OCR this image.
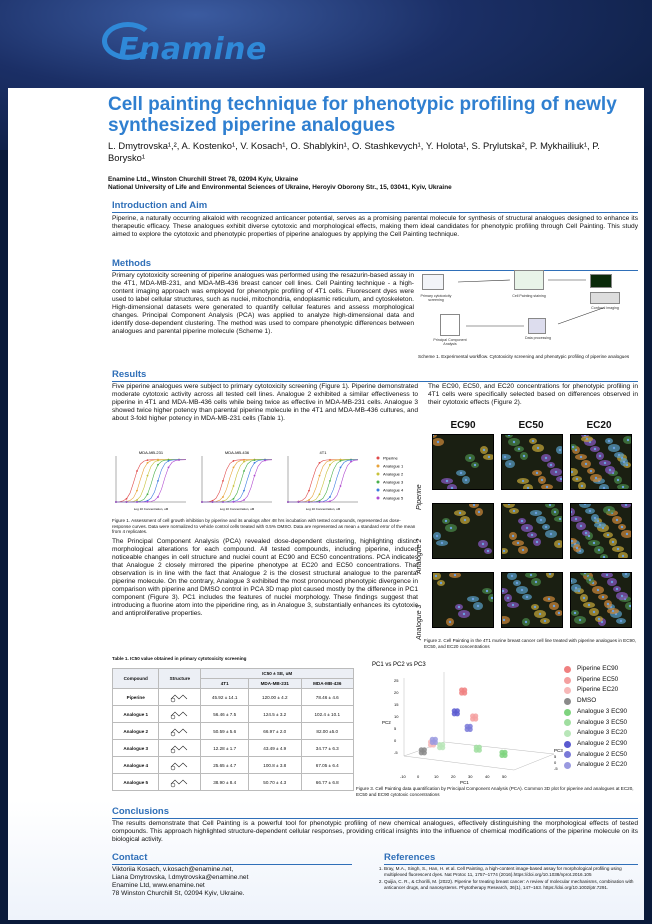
Enamine
Cell painting technique for phenotypic profiling of newly synthesized piperine analogues
L. Dmytrovska¹,², A. Kostenko¹, V. Kosach¹, O. Shablykin¹, O. Stashkevych¹, Y. Holota¹, S. Prylutska², P. Mykhailiuk¹, P. Borysko¹
Enamine Ltd., Winston Churchill Street 78, 02094 Kyiv, Ukraine
National University of Life and Environmental Sciences of Ukraine, Heroyiv Oborony Str., 15, 03041, Kyiv, Ukraine
Introduction and Aim
Piperine, a naturally occurring alkaloid with recognized anticancer potential, serves as a promising parental molecule for synthesis of structural analogues designed to enhance its therapeutic efficacy. These analogues exhibit diverse cytotoxic and morphological effects, making them ideal candidates for phenotypic profiling through Cell Painting. This study aimed to explore the cytotoxic and phenotypic properties of piperine analogues by applying the Cell Painting technique.
Methods
Primary cytotoxicity screening of piperine analogues was performed using the resazurin-based assay in the 4T1, MDA-MB-231, and MDA-MB-436 breast cancer cell lines. Cell Painting technique - a high-content imaging approach was employed for phenotypic profiling of 4T1 cells. Fluorescent dyes were used to label cellular structures, such as nuclei, mitochondria, endoplasmic reticulum, and cytoskeleton. High-dimensional datasets were generated to quantify cellular features and assess morphological changes. Principal Component Analysis (PCA) was applied to analyze high-dimensional data and identify dose-dependent clustering. The method was used to compare phenotypic differences between analogues and parental piperine molecule (Scheme 1).
Primary cytotoxicity screening
Cell Painting staining
Confocal imaging
Principal Component Analysis
Data processing
Scheme 1. Experimental workflow. Cytotoxicity screening and phenotypic profiling of piperine analogues
Results
Five piperine analogues were subject to primary cytotoxicity screening (Figure 1). Piperine demonstrated moderate cytotoxic activity across all tested cell lines. Analogue 2 exhibited a similar effectiveness to piperine in 4T1 and MDA-MB-436 cells while being twice as effective in MDA-MB-231 cells. Analogue 3 showed twice higher potency than parental piperine molecule in the 4T1 and MDA-MB-436 cultures, and about 3-fold higher potency in MDA-MB-231 cells (Table 1).
The EC90, EC50, and EC20 concentrations for phenotypic profiling in 4T1 cells were specifically selected based on differences observed in their cytotoxic effects (Figure 2).
MDA-MB-231
Log 10 Concentration, uM
MDA-MB-436
Log 10 Concentration, uM
4T1
Log 10 Concentration, uM
Piperine
Analogue 1
Analogue 2
Analogue 3
Analogue 4
Analogue 5
Figure 1. Assessment of cell growth inhibition by piperine and its analogs after 48 hrs incubation with tested compounds, represented as dose-response curves. Data were normalized to vehicle control cells treated with 0.5% DMSO. Data are represented as mean ± standard error of the mean from 4 replicates.
The Principal Component Analysis (PCA) revealed dose-dependent clustering, highlighting distinct morphological alterations for each compound. All tested compounds, including piperine, induced noticeable changes in cell structure and nuclei count at EC90 and EC50 concentrations. PCA indicates that Analogue 2 closely mirrored the piperine phenotype at EC20 and EC50 concentrations. That observation is in line with the fact that Analogue 2 is the closest structural analogue to the parental piperine molecule. On the contrary, Analogue 3 exhibited the most pronounced phenotypic divergence in comparison with piperine and DMSO control in PCA 3D map plot caused mostly by the difference in PC1 component (Figure 3). PC1 includes the features of nuclei morphology. These findings suggest that introducing a fluorine atom into the piperidine ring, as in Analogue 3, substantially enhances its cytotoxic and antiproliferative properties.
EC90	EC50	EC20
Piperine
Analogue 2
Analogue 3
Figure 2. Cell Painting in the 4T1 murine breast cancer cell line treated with piperine analogues in EC90, EC50, and EC20 concentrations
Table 1. IC50 value obtained in primary cytotoxicity screening
Compound	Structure	IC50 ± SE, uM		
		4T1	MDA-MB-231	MDA-MB-436
Piperine		45.92 ± 14.1	120.00 ± 4.2	78.46 ± 4.6
Analogue 1		56.46 ± 7.5	124.5 ± 3.2	102.4 ± 10.1
Analogue 2		50.59 ± 5.6	66.97 ± 2.0	82.00 ±5.0
Analogue 3		12.28 ± 1.7	43.49 ± 4.9	34.77 ± 6.3
Analogue 4		25.65 ± 4.7	100.8 ± 3.8	67.05 ± 6.4
Analogue 5		38.90 ± 8.4	50.70 ± 4.3	66.77 ± 6.8
PC1 vs PC2 vs PC3
25
20
15
10
5
0
-5
PC2
-10	0	10	20	30	40	50
PC1
5
0
-5
PC3
Piperine EC90
Piperine EC50
Piperine EC20
DMSO
Analogue 3 EC90
Analogue 3 EC50
Analogue 3 EC20
Analogue 2 EC90
Analogue 2 EC50
Analogue 2 EC20
Figure 3. Cell Painting data quantification by Principal Component Analysis (PCA). Common 3D plot for piperine and analogues at EC20, EC50 and EC90 cytotoxic concentrations
Conclusions
The results demonstrate that Cell Painting is a powerful tool for phenotypic profiling of new chemical analogues, effectively distinguishing the morphological effects of tested compounds. This approach highlighted structure-dependent cellular responses, providing critical insights into the influence of chemical modifications of the piperine molecule on its biological activity.
Contact
Viktoriia Kosach, v.kosach@enamine.net,
Liana Dmytrovska, l.dmytrovska@enamine.net
Enamine Ltd, www.enamine.net
78 Winston Churchill St, 02094 Kyiv, Ukraine.
References
1. Bray, M.A., Singh, S., Han, H. et al. Cell Painting, a high-content image-based assay for morphological profiling using multiplexed fluorescent dyes. Nat Protoc 11, 1757–1774 (2016).https://doi.org/10.1038/nprot.2016.105
2. Quijia, C. R., & Chorilli, M. (2022). Piperine for treating breast cancer: A review of molecular mechanisms, combination with anticancer drugs, and nanosystems. Phytotherapy Research, 36(1), 147–163. https://doi.org/10.1002/ptr.7291.
